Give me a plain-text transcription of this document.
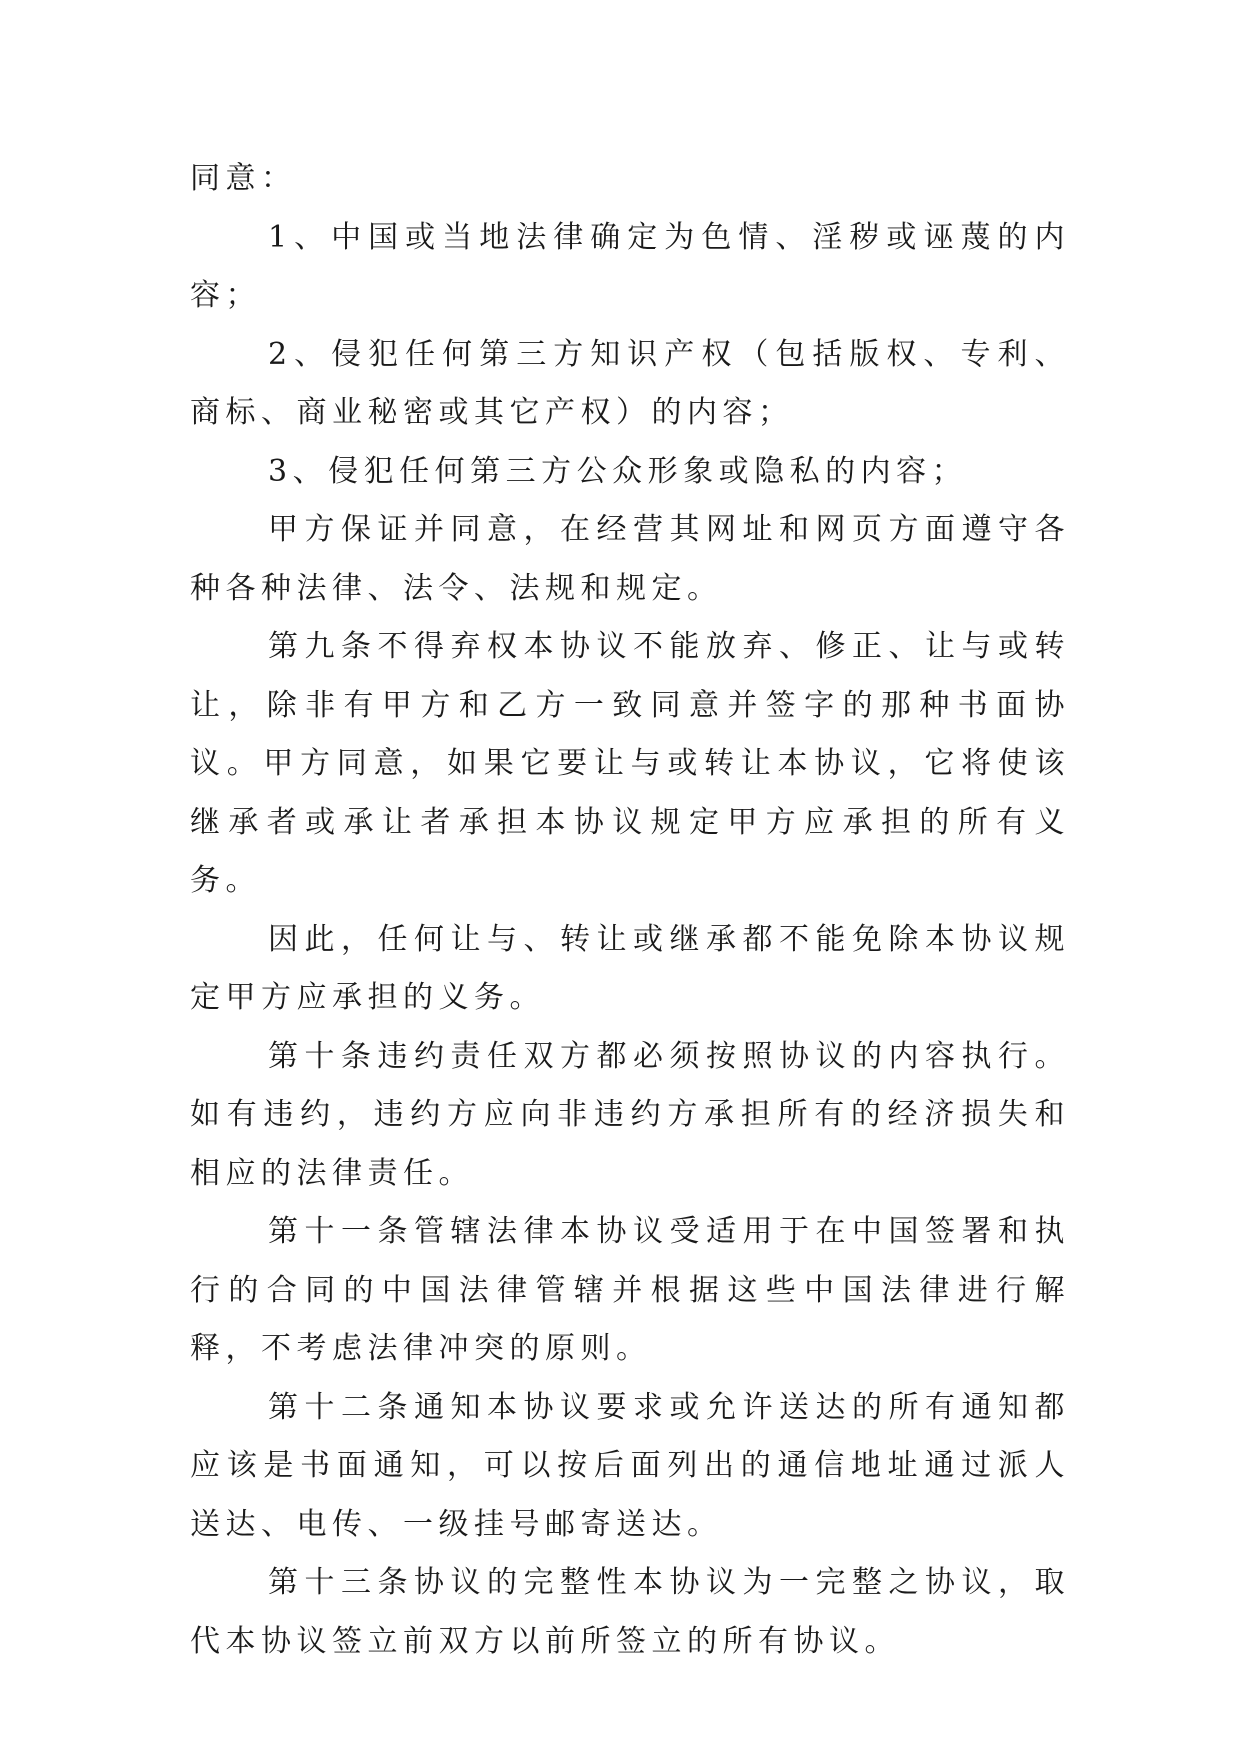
同意：

1、中国或当地法律确定为色情、淫秽或诬蔑的内容；

2、侵犯任何第三方知识产权（包括版权、专利、商标、商业秘密或其它产权）的内容；

3、侵犯任何第三方公众形象或隐私的内容；

甲方保证并同意，在经营其网址和网页方面遵守各种各种法律、法令、法规和规定。

第九条不得弃权本协议不能放弃、修正、让与或转让，除非有甲方和乙方一致同意并签字的那种书面协议。甲方同意，如果它要让与或转让本协议，它将使该继承者或承让者承担本协议规定甲方应承担的所有义务。

因此，任何让与、转让或继承都不能免除本协议规定甲方应承担的义务。

第十条违约责任双方都必须按照协议的内容执行。如有违约，违约方应向非违约方承担所有的经济损失和相应的法律责任。

第十一条管辖法律本协议受适用于在中国签署和执行的合同的中国法律管辖并根据这些中国法律进行解释，不考虑法律冲突的原则。

第十二条通知本协议要求或允许送达的所有通知都应该是书面通知，可以按后面列出的通信地址通过派人送达、电传、一级挂号邮寄送达。

第十三条协议的完整性本协议为一完整之协议，取代本协议签立前双方以前所签立的所有协议。
